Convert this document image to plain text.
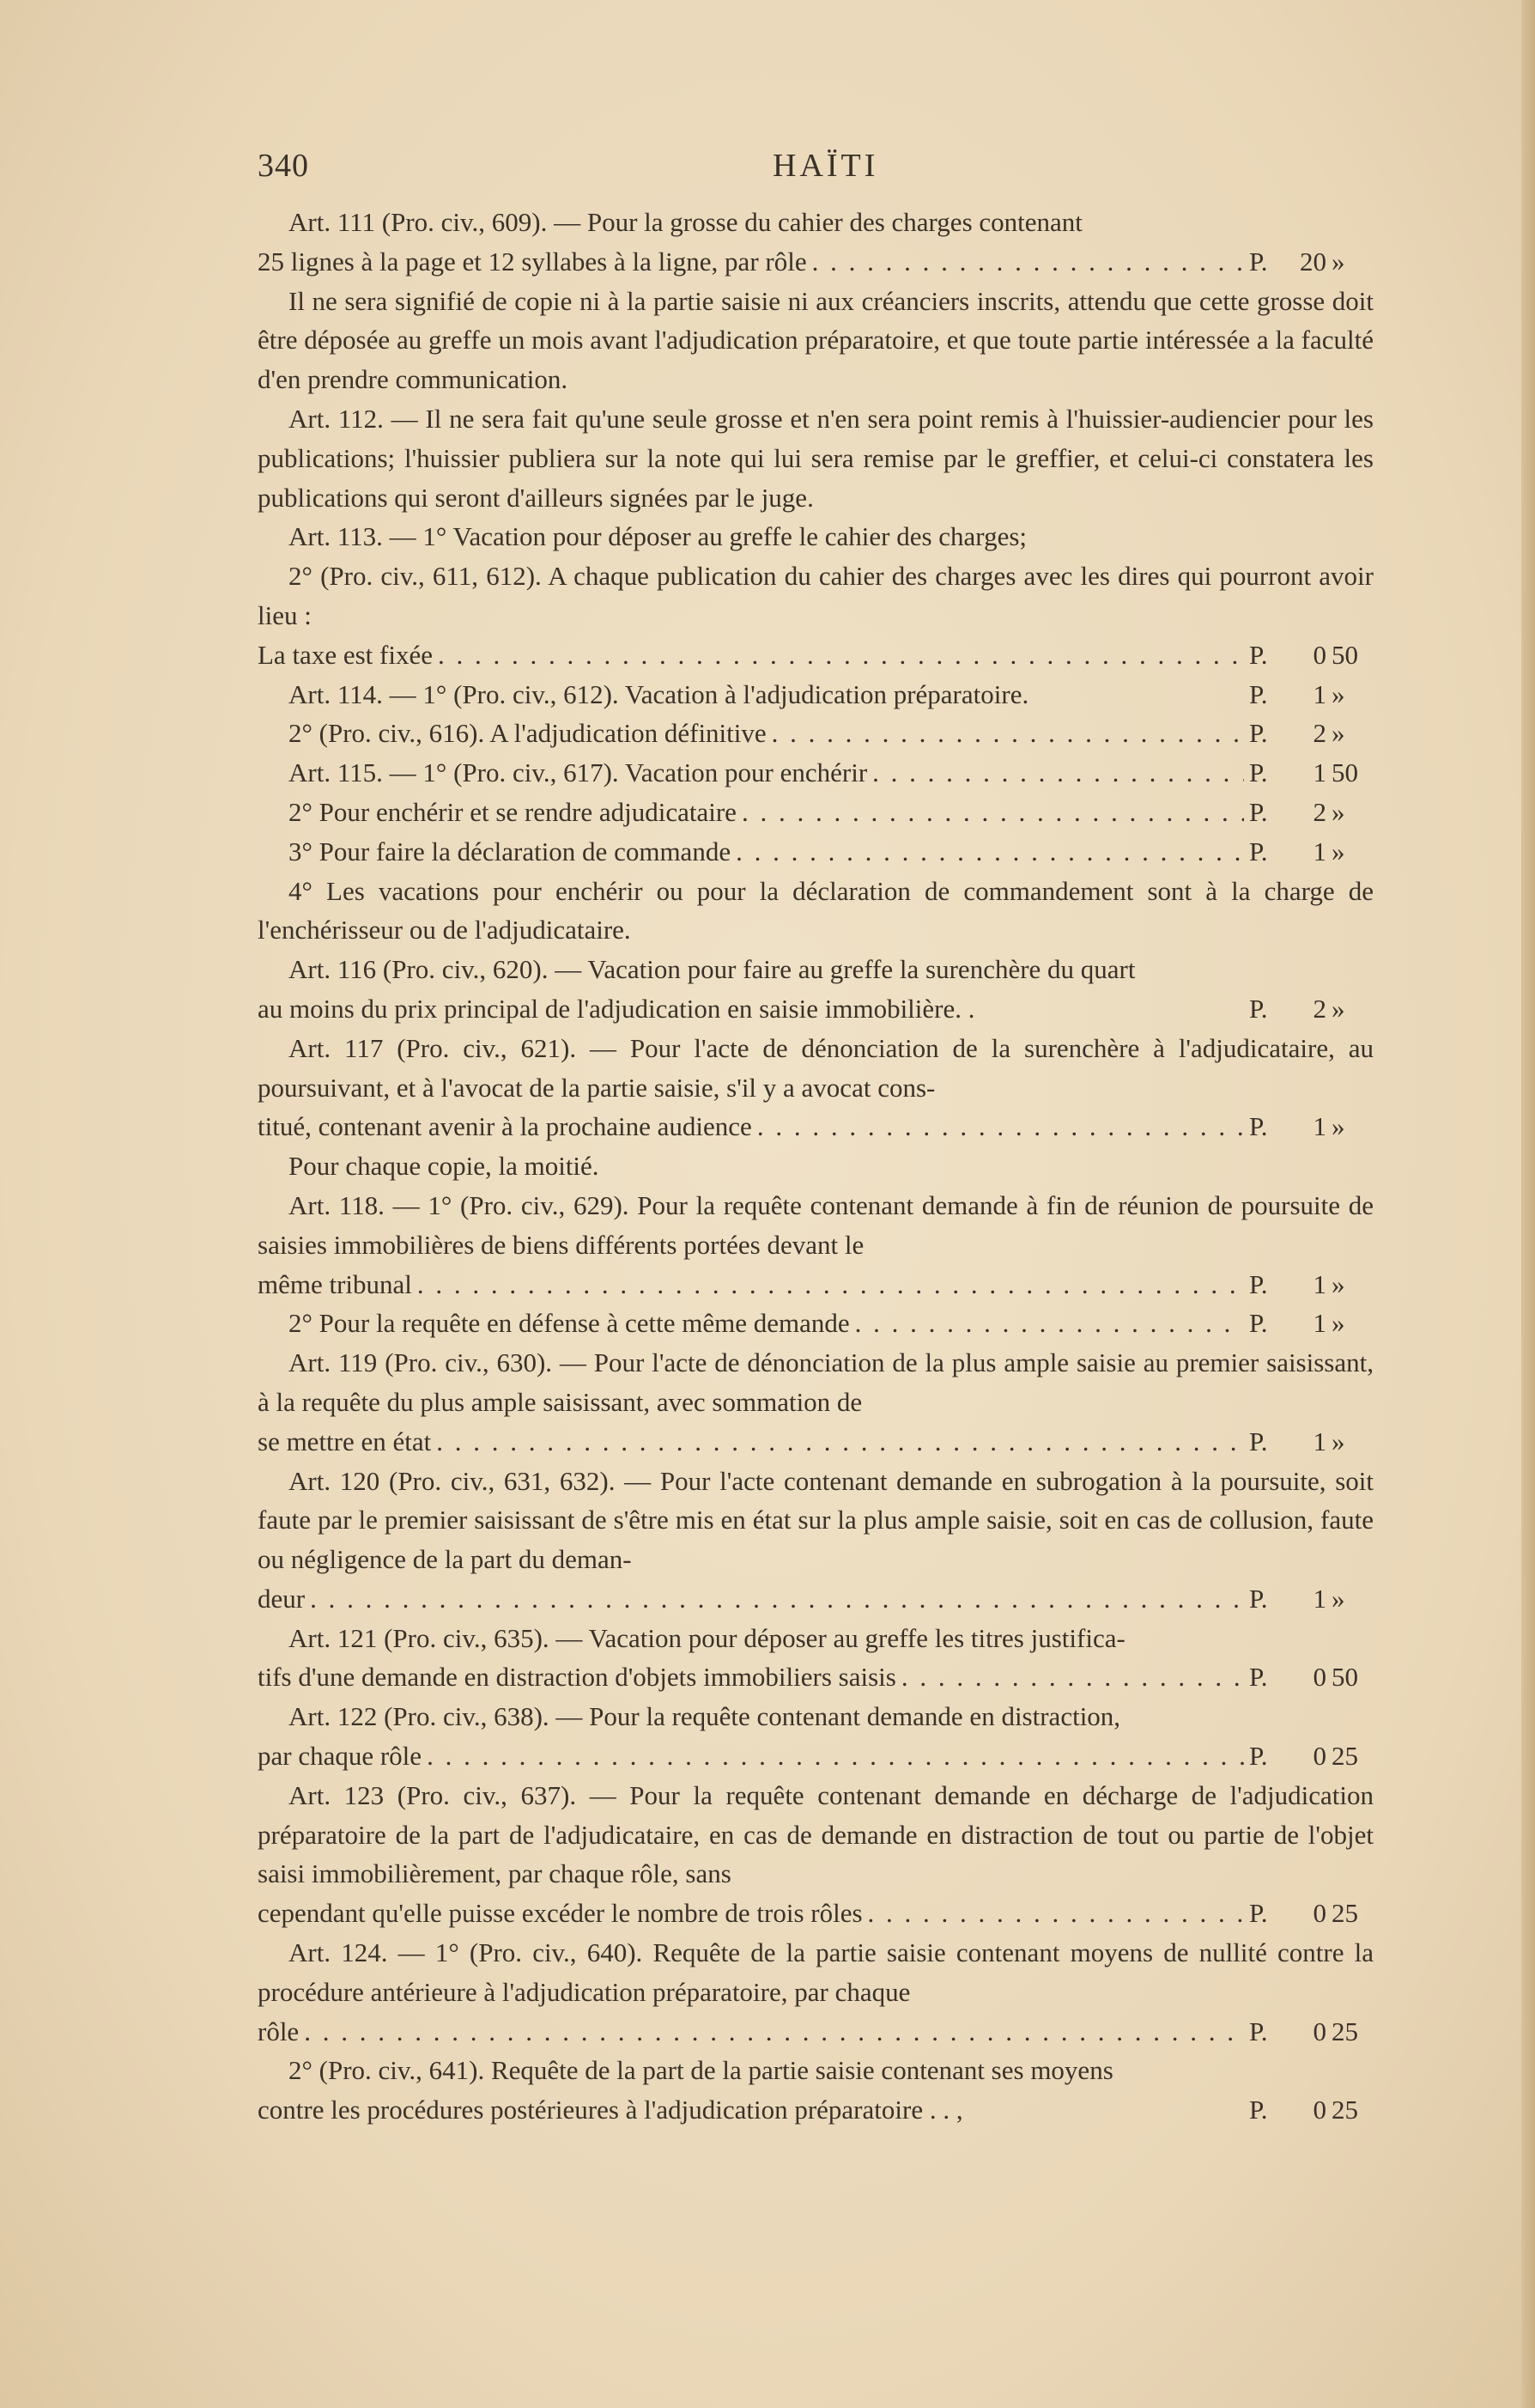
340	HAÏTI

Art. 111 (Pro. civ., 609). — Pour la grosse du cahier des charges contenant

25 lignes à la page et 12 syllabes à la ligne, par rôle . . .	P. 20 »

Il ne sera signifié de copie ni à la partie saisie ni aux créanciers inscrits, attendu que cette grosse doit être déposée au greffe un mois avant l'adjudication préparatoire, et que toute partie intéressée a la faculté d'en prendre communication.

Art. 112. — Il ne sera fait qu'une seule grosse et n'en sera point remis à l'huissier-audiencier pour les publications; l'huissier publiera sur la note qui lui sera remise par le greffier, et celui-ci constatera les publications qui seront d'ailleurs signées par le juge.

Art. 113. — 1° Vacation pour déposer au greffe le cahier des charges;

2° (Pro. civ., 611, 612). A chaque publication du cahier des charges avec les dires qui pourront avoir lieu :

La taxe est fixée . . .	P. 0 50
Art. 114. — 1° (Pro. civ., 612). Vacation à l'adjudication préparatoire.	P. 1 »
2° (Pro. civ., 616). A l'adjudication définitive . . .	P. 2 »
Art. 115. — 1° (Pro. civ., 617). Vacation pour enchérir . . .	P. 1 50
2° Pour enchérir et se rendre adjudicataire . . .	P. 2 »
3° Pour faire la déclaration de commande . . .	P. 1 »

4° Les vacations pour enchérir ou pour la déclaration de commandement sont à la charge de l'enchérisseur ou de l'adjudicataire.

Art. 116 (Pro. civ., 620). — Vacation pour faire au greffe la surenchère du quart

au moins du prix principal de l'adjudication en saisie immobilière. .	P. 2 »

Art. 117 (Pro. civ., 621). — Pour l'acte de dénonciation de la surenchère à l'adjudicataire, au poursuivant, et à l'avocat de la partie saisie, s'il y a avocat cons-

titué, contenant avenir à la prochaine audience . . .	P. 1 »

Pour chaque copie, la moitié.

Art. 118. — 1° (Pro. civ., 629). Pour la requête contenant demande à fin de réunion de poursuite de saisies immobilières de biens différents portées devant le

même tribunal . . .	P. 1 »
2° Pour la requête en défense à cette même demande . . .	P. 1 »

Art. 119 (Pro. civ., 630). — Pour l'acte de dénonciation de la plus ample saisie au premier saisissant, à la requête du plus ample saisissant, avec sommation de

se mettre en état . . .	P. 1 »

Art. 120 (Pro. civ., 631, 632). — Pour l'acte contenant demande en subrogation à la poursuite, soit faute par le premier saisissant de s'être mis en état sur la plus ample saisie, soit en cas de collusion, faute ou négligence de la part du deman-

deur . . .	P. 1 »

Art. 121 (Pro. civ., 635). — Vacation pour déposer au greffe les titres justifica-

tifs d'une demande en distraction d'objets immobiliers saisis . . .	P. 0 50

Art. 122 (Pro. civ., 638). — Pour la requête contenant demande en distraction,

par chaque rôle . . .	P. 0 25

Art. 123 (Pro. civ., 637). — Pour la requête contenant demande en décharge de l'adjudication préparatoire de la part de l'adjudicataire, en cas de demande en distraction de tout ou partie de l'objet saisi immobilièrement, par chaque rôle, sans

cependant qu'elle puisse excéder le nombre de trois rôles . . .	P. 0 25

Art. 124. — 1° (Pro. civ., 640). Requête de la partie saisie contenant moyens de nullité contre la procédure antérieure à l'adjudication préparatoire, par chaque

rôle . . .	P. 0 25

2° (Pro. civ., 641). Requête de la part de la partie saisie contenant ses moyens

contre les procédures postérieures à l'adjudication préparatoire . . ,	P. 0 25
